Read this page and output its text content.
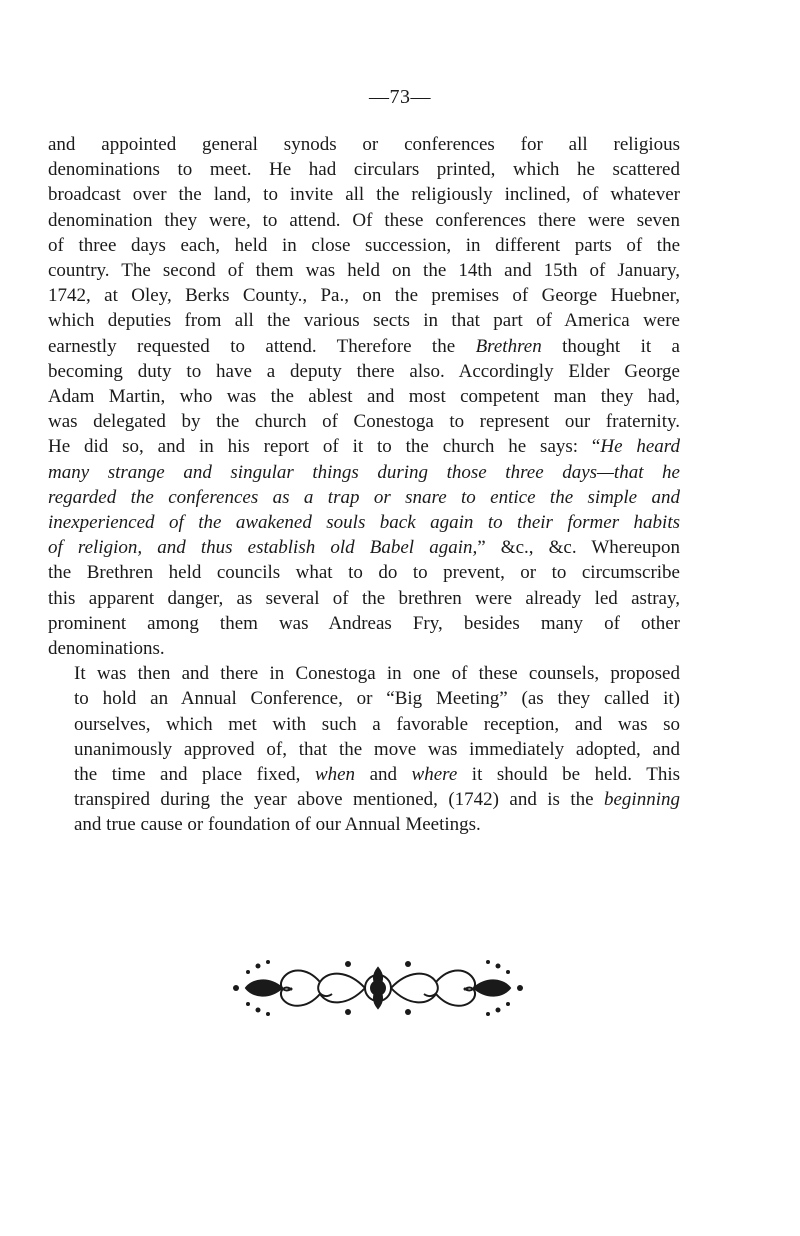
—73—

and appointed general synods or conferences for all religious
denominations to meet. He had circulars printed, which he scattered
broadcast over the land, to invite all the religiously inclined, of whatever
denomination they were, to attend. Of these conferences there were seven
of three days each, held in close succession, in different parts of the
country. The second of them was held on the 14th and 15th of January,
1742, at Oley, Berks County., Pa., on the premises of George Huebner,
which deputies from all the various sects in that part of America were
earnestly requested to attend. Therefore the Brethren thought it a
becoming duty to have a deputy there also. Accordingly Elder George
Adam Martin, who was the ablest and most competent man they had,
was delegated by the church of Conestoga to represent our fraternity.
He did so, and in his report of it to the church he says: “He heard
many strange and singular things during those three days—that he
regarded the conferences as a trap or snare to entice the simple and
inexperienced of the awakened souls back again to their former habits
of religion, and thus establish old Babel again,” &c., &c. Whereupon
the Brethren held councils what to do to prevent, or to circumscribe
this apparent danger, as several of the brethren were already led astray,
prominent among them was Andreas Fry, besides many of other
denominations.

It was then and there in Conestoga in one of these counsels, proposed
to hold an Annual Conference, or “Big Meeting” (as they called it)
ourselves, which met with such a favorable reception, and was so
unanimously approved of, that the move was immediately adopted, and
the time and place fixed, when and where it should be held. This
transpired during the year above mentioned, (1742) and is the beginning
and true cause or foundation of our Annual Meetings.
